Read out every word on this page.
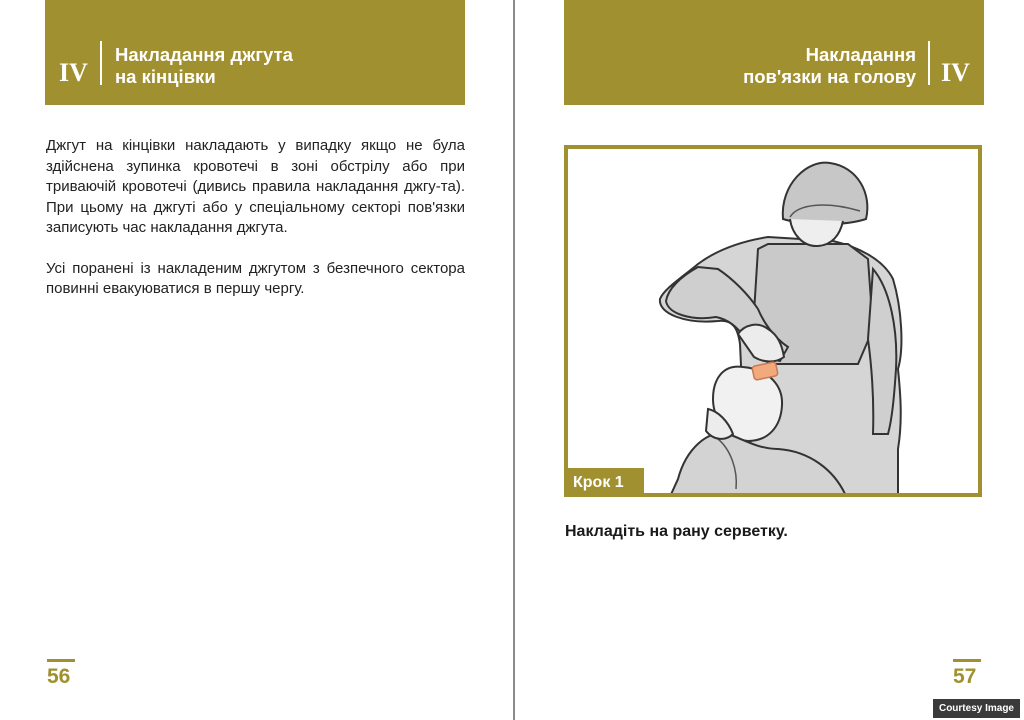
IV
Накладання джгута
на кінцівки

Джгут на кінцівки накладають у випадку якщо не була здійснена зупинка кровотечі в зоні обстрілу або при триваючій кровотечі (дивись правила накладання джгу-та). При цьому на джгуті або у спеціальному секторі пов'язки записують час накладання джгута.

Усі поранені із накладеним джгутом з безпечного сектора повинні евакуюватися в першу чергу.

56
Накладання
пов'язки на голову IV
Крок 1
Накладіть на рану серветку.
57
Courtesy Image
